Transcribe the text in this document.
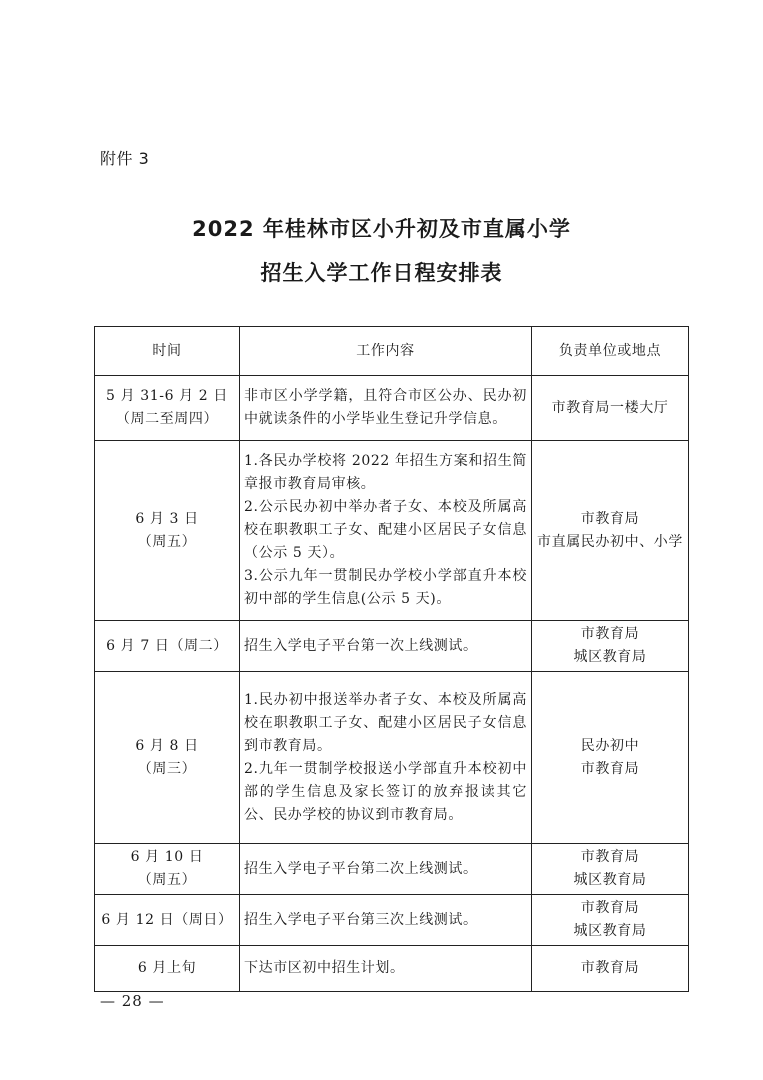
附件 3
2022 年桂林市区小升初及市直属小学
招生入学工作日程安排表
时间	工作内容	负责单位或地点

5 月 31-6 月 2 日
（周二至周四）	非市区小学学籍，且符合市区公办、民办初中就读条件的小学毕业生登记升学信息。	市教育局一楼大厅

6 月 3 日
（周五）	1.各民办学校将 2022 年招生方案和招生简章报市教育局审核。
2.公示民办初中举办者子女、本校及所属高校在职教职工子女、配建小区居民子女信息（公示 5 天）。
3.公示九年一贯制民办学校小学部直升本校初中部的学生信息(公示 5 天)。	市教育局
市直属民办初中、小学

6 月 7 日（周二）	招生入学电子平台第一次上线测试。	市教育局
城区教育局

6 月 8 日
（周三）	1.民办初中报送举办者子女、本校及所属高校在职教职工子女、配建小区居民子女信息到市教育局。
2.九年一贯制学校报送小学部直升本校初中部的学生信息及家长签订的放弃报读其它公、民办学校的协议到市教育局。	民办初中
市教育局

6 月 10 日
（周五）	招生入学电子平台第二次上线测试。	市教育局
城区教育局

6 月 12 日（周日）	招生入学电子平台第三次上线测试。	市教育局
城区教育局

6 月上旬	下达市区初中招生计划。	市教育局
— 28 —
